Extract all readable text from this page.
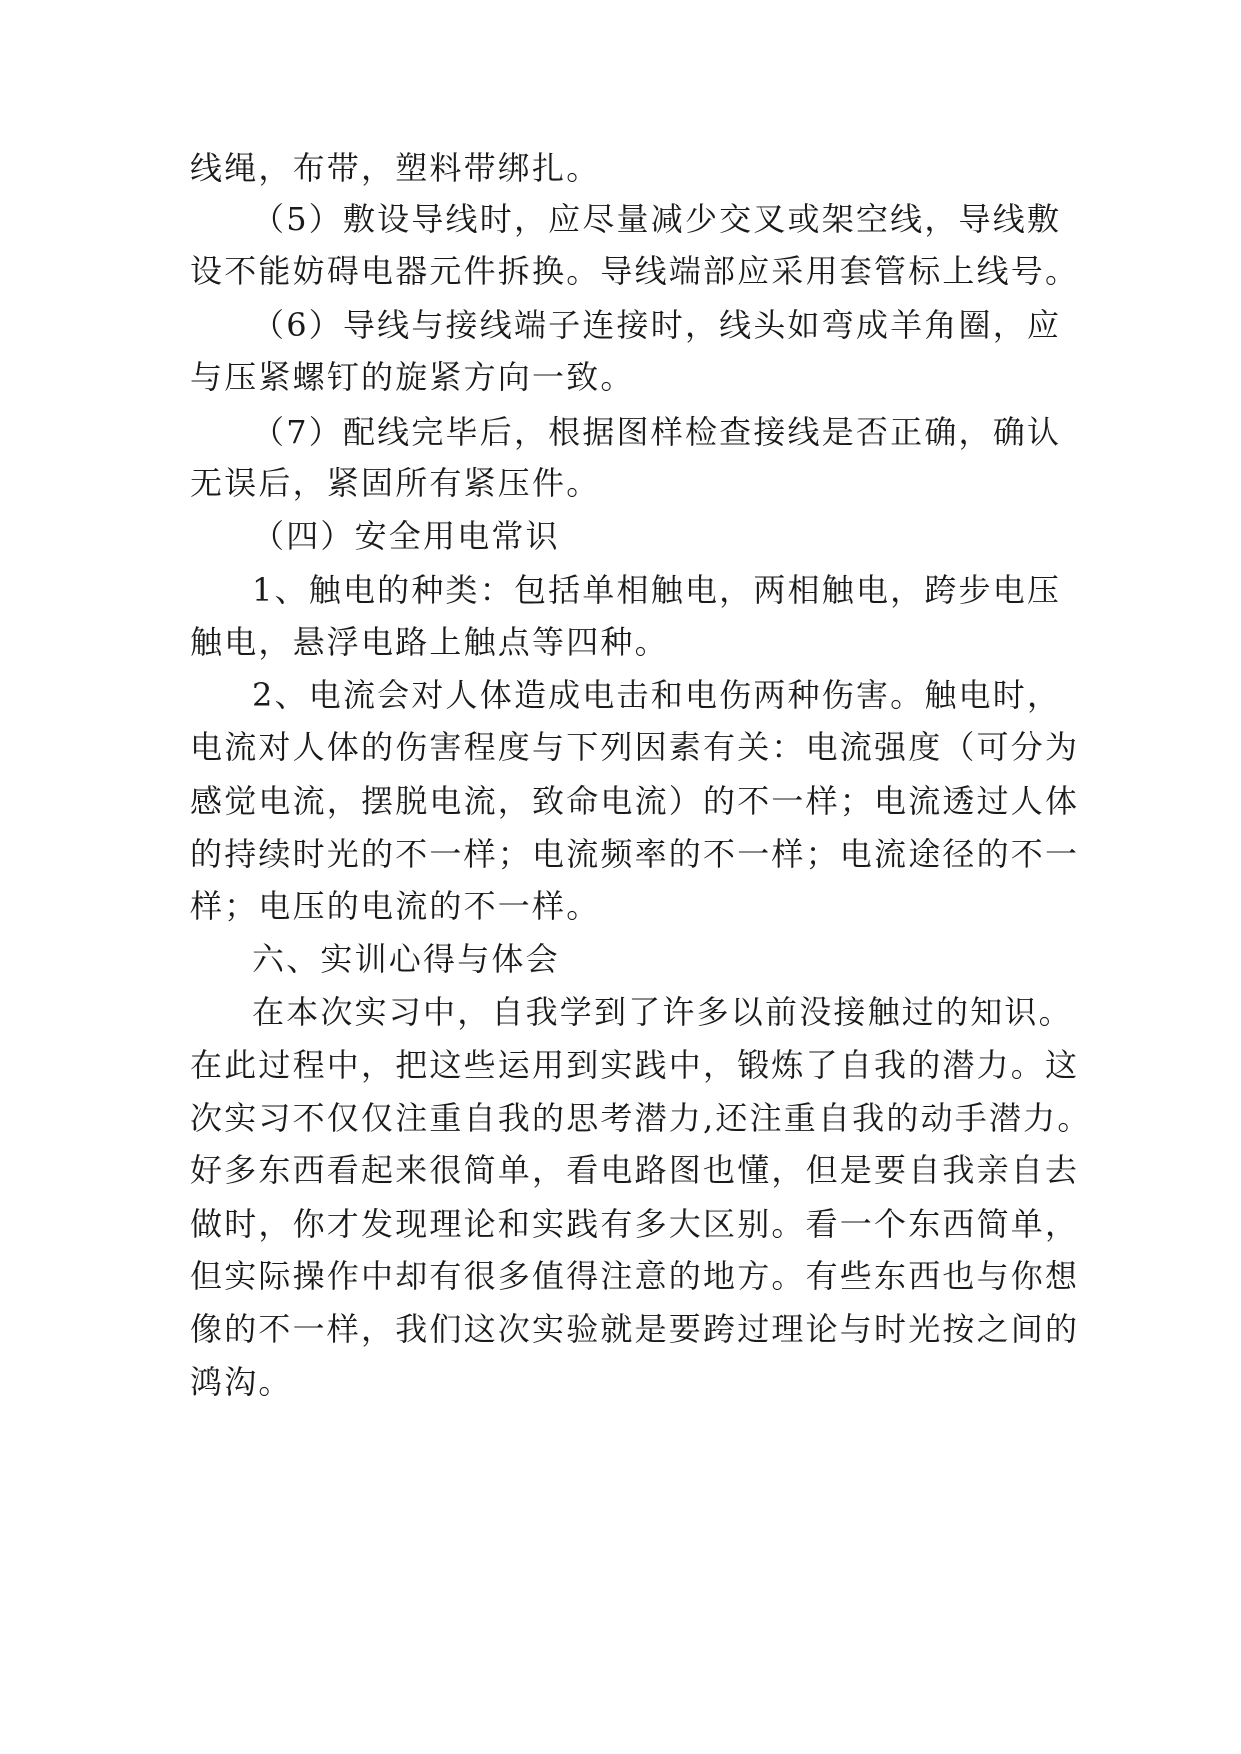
线绳，布带，塑料带绑扎。
（5）敷设导线时，应尽量减少交叉或架空线，导线敷
设不能妨碍电器元件拆换。导线端部应采用套管标上线号。
（6）导线与接线端子连接时，线头如弯成羊角圈，应
与压紧螺钉的旋紧方向一致。
（7）配线完毕后，根据图样检查接线是否正确，确认
无误后，紧固所有紧压件。
（四）安全用电常识
1、触电的种类：包括单相触电，两相触电，跨步电压
触电，悬浮电路上触点等四种。
2、电流会对人体造成电击和电伤两种伤害。触电时，
电流对人体的伤害程度与下列因素有关：电流强度（可分为
感觉电流，摆脱电流，致命电流）的不一样；电流透过人体
的持续时光的不一样；电流频率的不一样；电流途径的不一
样；电压的电流的不一样。
六、实训心得与体会
在本次实习中，自我学到了许多以前没接触过的知识。
在此过程中，把这些运用到实践中，锻炼了自我的潜力。这
次实习不仅仅注重自我的思考潜力,还注重自我的动手潜力。
好多东西看起来很简单，看电路图也懂，但是要自我亲自去
做时，你才发现理论和实践有多大区别。看一个东西简单，
但实际操作中却有很多值得注意的地方。有些东西也与你想
像的不一样，我们这次实验就是要跨过理论与时光按之间的
鸿沟。
